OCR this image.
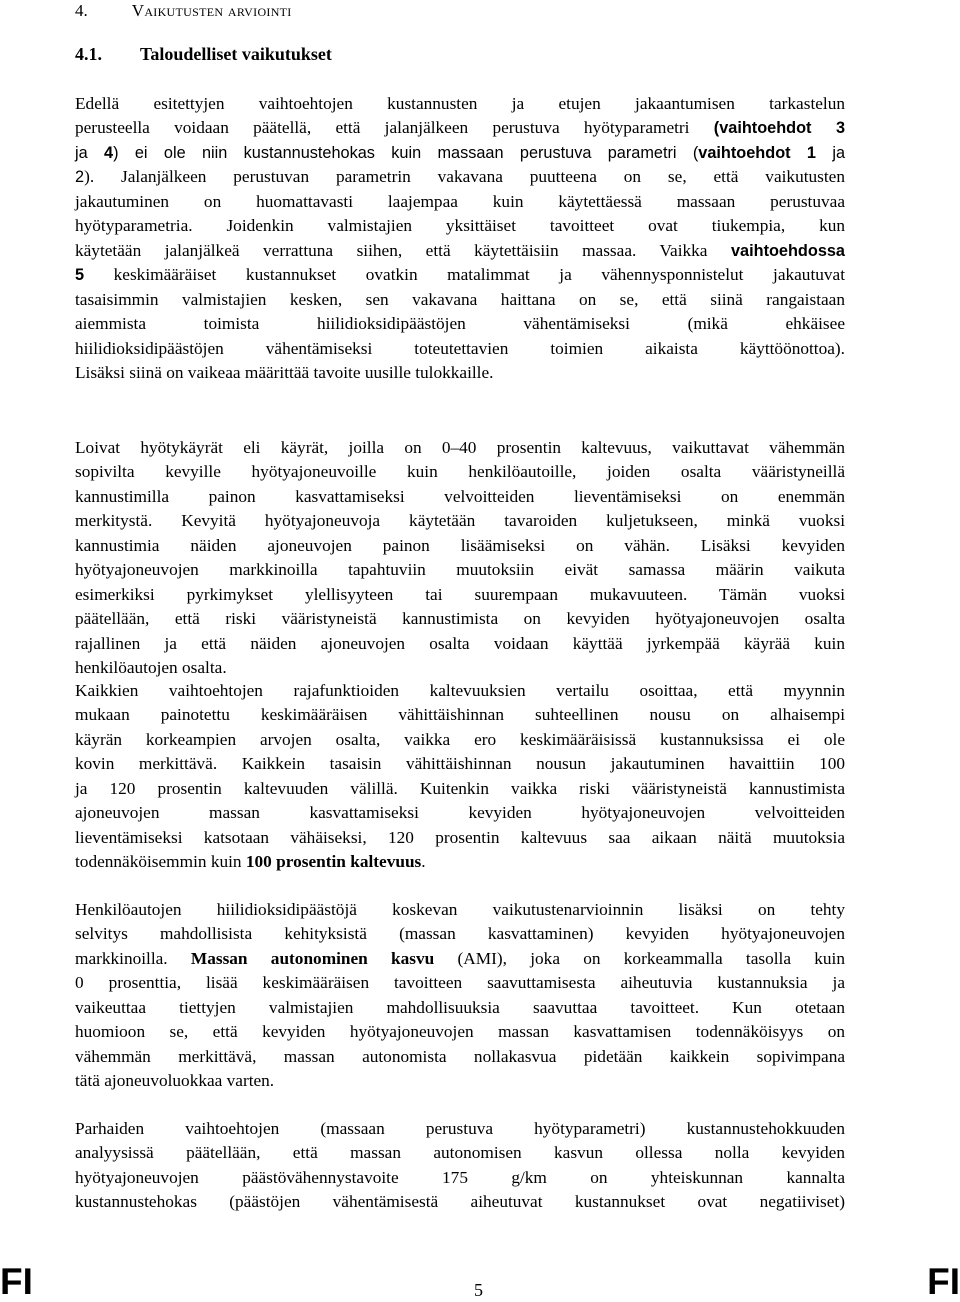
4.	Vaikutusten arviointi
4.1. Taloudelliset vaikutukset
Edellä esitettyjen vaihtoehtojen kustannusten ja etujen jakaantumisen tarkastelun
perusteella voidaan päätellä, että jalanjälkeen perustuva hyötyparametri (vaihtoehdot 3
ja 4) ei ole niin kustannustehokas kuin massaan perustuva parametri (vaihtoehdot 1 ja
2). Jalanjälkeen perustuvan parametrin vakavana puutteena on se, että vaikutusten
jakautuminen on huomattavasti laajempaa kuin käytettäessä massaan perustuvaa
hyötyparametria. Joidenkin valmistajien yksittäiset tavoitteet ovat tiukempia, kun
käytetään jalanjälkeä verrattuna siihen, että käytettäisiin massaa. Vaikka vaihtoehdossa
5 keskimääräiset kustannukset ovatkin matalimmat ja vähennysponnistelut jakautuvat
tasaisimmin valmistajien kesken, sen vakavana haittana on se, että siinä rangaistaan
aiemmista toimista hiilidioksidipäästöjen vähentämiseksi (mikä ehkäisee
hiilidioksidipäästöjen vähentämiseksi toteutettavien toimien aikaista käyttöönottoa).
Lisäksi siinä on vaikeaa määrittää tavoite uusille tulokkaille.
Loivat hyötykäyrät eli käyrät, joilla on 0–40 prosentin kaltevuus, vaikuttavat vähemmän
sopivilta kevyille hyötyajoneuvoille kuin henkilöautoille, joiden osalta vääristyneillä
kannustimilla painon kasvattamiseksi velvoitteiden lieventämiseksi on enemmän
merkitystä. Kevyitä hyötyajoneuvoja käytetään tavaroiden kuljetukseen, minkä vuoksi
kannustimia näiden ajoneuvojen painon lisäämiseksi on vähän. Lisäksi kevyiden
hyötyajoneuvojen markkinoilla tapahtuviin muutoksiin eivät samassa määrin vaikuta
esimerkiksi pyrkimykset ylellisyyteen tai suurempaan mukavuuteen. Tämän vuoksi
päätellään, että riski vääristyneistä kannustimista on kevyiden hyötyajoneuvojen osalta
rajallinen ja että näiden ajoneuvojen osalta voidaan käyttää jyrkempää käyrää kuin
henkilöautojen osalta.
Kaikkien vaihtoehtojen rajafunktioiden kaltevuuksien vertailu osoittaa, että myynnin
mukaan painotettu keskimääräisen vähittäishinnan suhteellinen nousu on alhaisempi
käyrän korkeampien arvojen osalta, vaikka ero keskimääräisissä kustannuksissa ei ole
kovin merkittävä. Kaikkein tasaisin vähittäishinnan nousun jakautuminen havaittiin 100
ja 120 prosentin kaltevuuden välillä. Kuitenkin vaikka riski vääristyneistä kannustimista
ajoneuvojen massan kasvattamiseksi kevyiden hyötyajoneuvojen velvoitteiden
lieventämiseksi katsotaan vähäiseksi, 120 prosentin kaltevuus saa aikaan näitä muutoksia
todennäköisemmin kuin 100 prosentin kaltevuus.
Henkilöautojen hiilidioksidipäästöjä koskevan vaikutustenarvioinnin lisäksi on tehty
selvitys mahdollisista kehityksistä (massan kasvattaminen) kevyiden hyötyajoneuvojen
markkinoilla. Massan autonominen kasvu (AMI), joka on korkeammalla tasolla kuin
0 prosenttia, lisää keskimääräisen tavoitteen saavuttamisesta aiheutuvia kustannuksia ja
vaikeuttaa tiettyjen valmistajien mahdollisuuksia saavuttaa tavoitteet. Kun otetaan
huomioon se, että kevyiden hyötyajoneuvojen massan kasvattamisen todennäköisyys on
vähemmän merkittävä, massan autonomista nollakasvua pidetään kaikkein sopivimpana
tätä ajoneuvoluokkaa varten.
Parhaiden vaihtoehtojen (massaan perustuva hyötyparametri) kustannustehokkuuden
analyysissä päätellään, että massan autonomisen kasvun ollessa nolla kevyiden
hyötyajoneuvojen päästövähennystavoite 175 g/km on yhteiskunnan kannalta
kustannustehokas (päästöjen vähentämisestä aiheutuvat kustannukset ovat negatiiviset)
FI	5	FI
